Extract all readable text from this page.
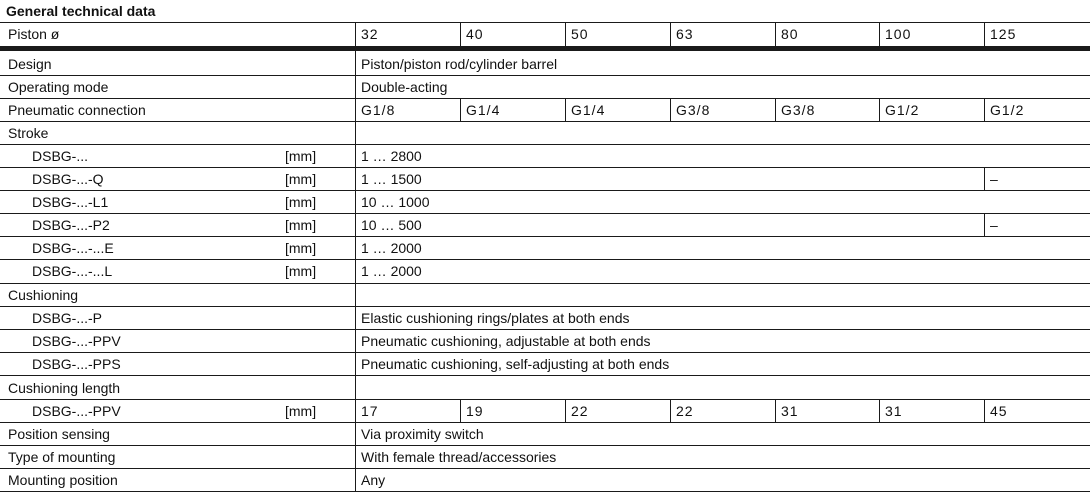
General technical data
Piston ø	32	40	50	63	80	100	125
Design	Piston/piston rod/cylinder barrel
Operating mode	Double-acting
Pneumatic connection	G1/8	G1/4	G1/4	G3/8	G3/8	G1/2	G1/2
Stroke
DSBG-...	[mm]	1 … 2800
DSBG-...-Q	[mm]	1 … 1500	–
DSBG-...-L1	[mm]	10 … 1000
DSBG-...-P2	[mm]	10 … 500	–
DSBG-...-...E	[mm]	1 … 2000
DSBG-...-...L	[mm]	1 … 2000
Cushioning
DSBG-...-P	Elastic cushioning rings/plates at both ends
DSBG-...-PPV	Pneumatic cushioning, adjustable at both ends
DSBG-...-PPS	Pneumatic cushioning, self-adjusting at both ends
Cushioning length
DSBG-...-PPV	[mm]	17	19	22	22	31	31	45
Position sensing	Via proximity switch
Type of mounting	With female thread/accessories
Mounting position	Any
